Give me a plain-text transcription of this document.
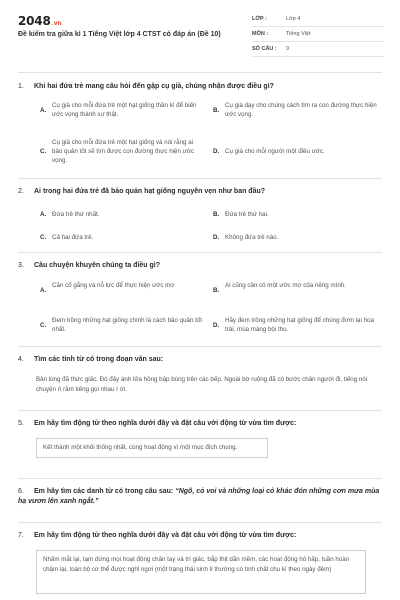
2048.vn
Đề kiểm tra giữa kì 1 Tiếng Việt lớp 4 CTST có đáp án (Đề 10)
LỚP :	Lớp 4
MÔN :	Tiếng Việt
SỐ CÂU :	9
1. Khi hai đứa trẻ mang câu hỏi đến gặp cụ già, chúng nhận được điều gì?
A.
Cụ già cho mỗi đứa trẻ một hạt giống thần kì để biến ước vọng thành sự thật.
B.
Cụ già dạy cho chúng cách tìm ra con đường thực hiện ước vọng.
C.
Cụ già cho mỗi đứa trẻ một hạt giống và nói rằng ai bảo quản tốt sẽ tìm được con đường thực hiện ước vọng.
D. Cụ già cho mỗi người một điều ước.
2. Ai trong hai đứa trẻ đã bảo quản hạt giống nguyên vẹn như ban đầu?
A. Đứa trẻ thứ nhất.	B. Đứa trẻ thứ hai.
C. Cả hai đứa trẻ.	D. Không đứa trẻ nào.
3. Câu chuyện khuyên chúng ta điều gì?
A.
Cần cố gắng và nỗ lực để thực hiện ước mơ
B.
Ai cũng cần có một ước mơ của riêng mình.
C.
Đem trồng những hạt giống chính là cách bảo quản tốt nhất.
D.
Hãy đem trồng những hạt giống để chúng đơm lại hoa trái, mùa màng bội thu.
4. Tìm các tính từ có trong đoạn văn sau:
Bản lùng đã thức giấc. Đó đây ánh lửa hồng bập bùng trên các bếp. Ngoài bờ ruộng đã có bước chân người đi, tiếng nói chuyện rì rầm tiếng gọi nhau í ới.
5. Em hãy tìm động từ theo nghĩa dưới đây và đặt câu với động từ vừa tìm được:
Kết thành một khối thống nhất, cùng hoạt động vì một mục đích chung.
6. Em hãy tìm các danh từ có trong câu sau: “Ngõ, cỏ voi và những loại cỏ khác đón những cơn mưa mùa hạ vươn lên xanh ngắt.”
7. Em hãy tìm động từ theo nghĩa dưới đây và đặt câu với động từ vừa tìm được:
Nhấm mắt lại, tạm dừng mọi hoạt động chân tay và trí giác, bắp thịt dãn mềm, các hoạt động hô hấp, tuần hoàn chậm lại, toàn bộ cơ thể được nghỉ ngơi (một trạng thái sinh lí thường có tính chất chu kì theo ngày đêm)
